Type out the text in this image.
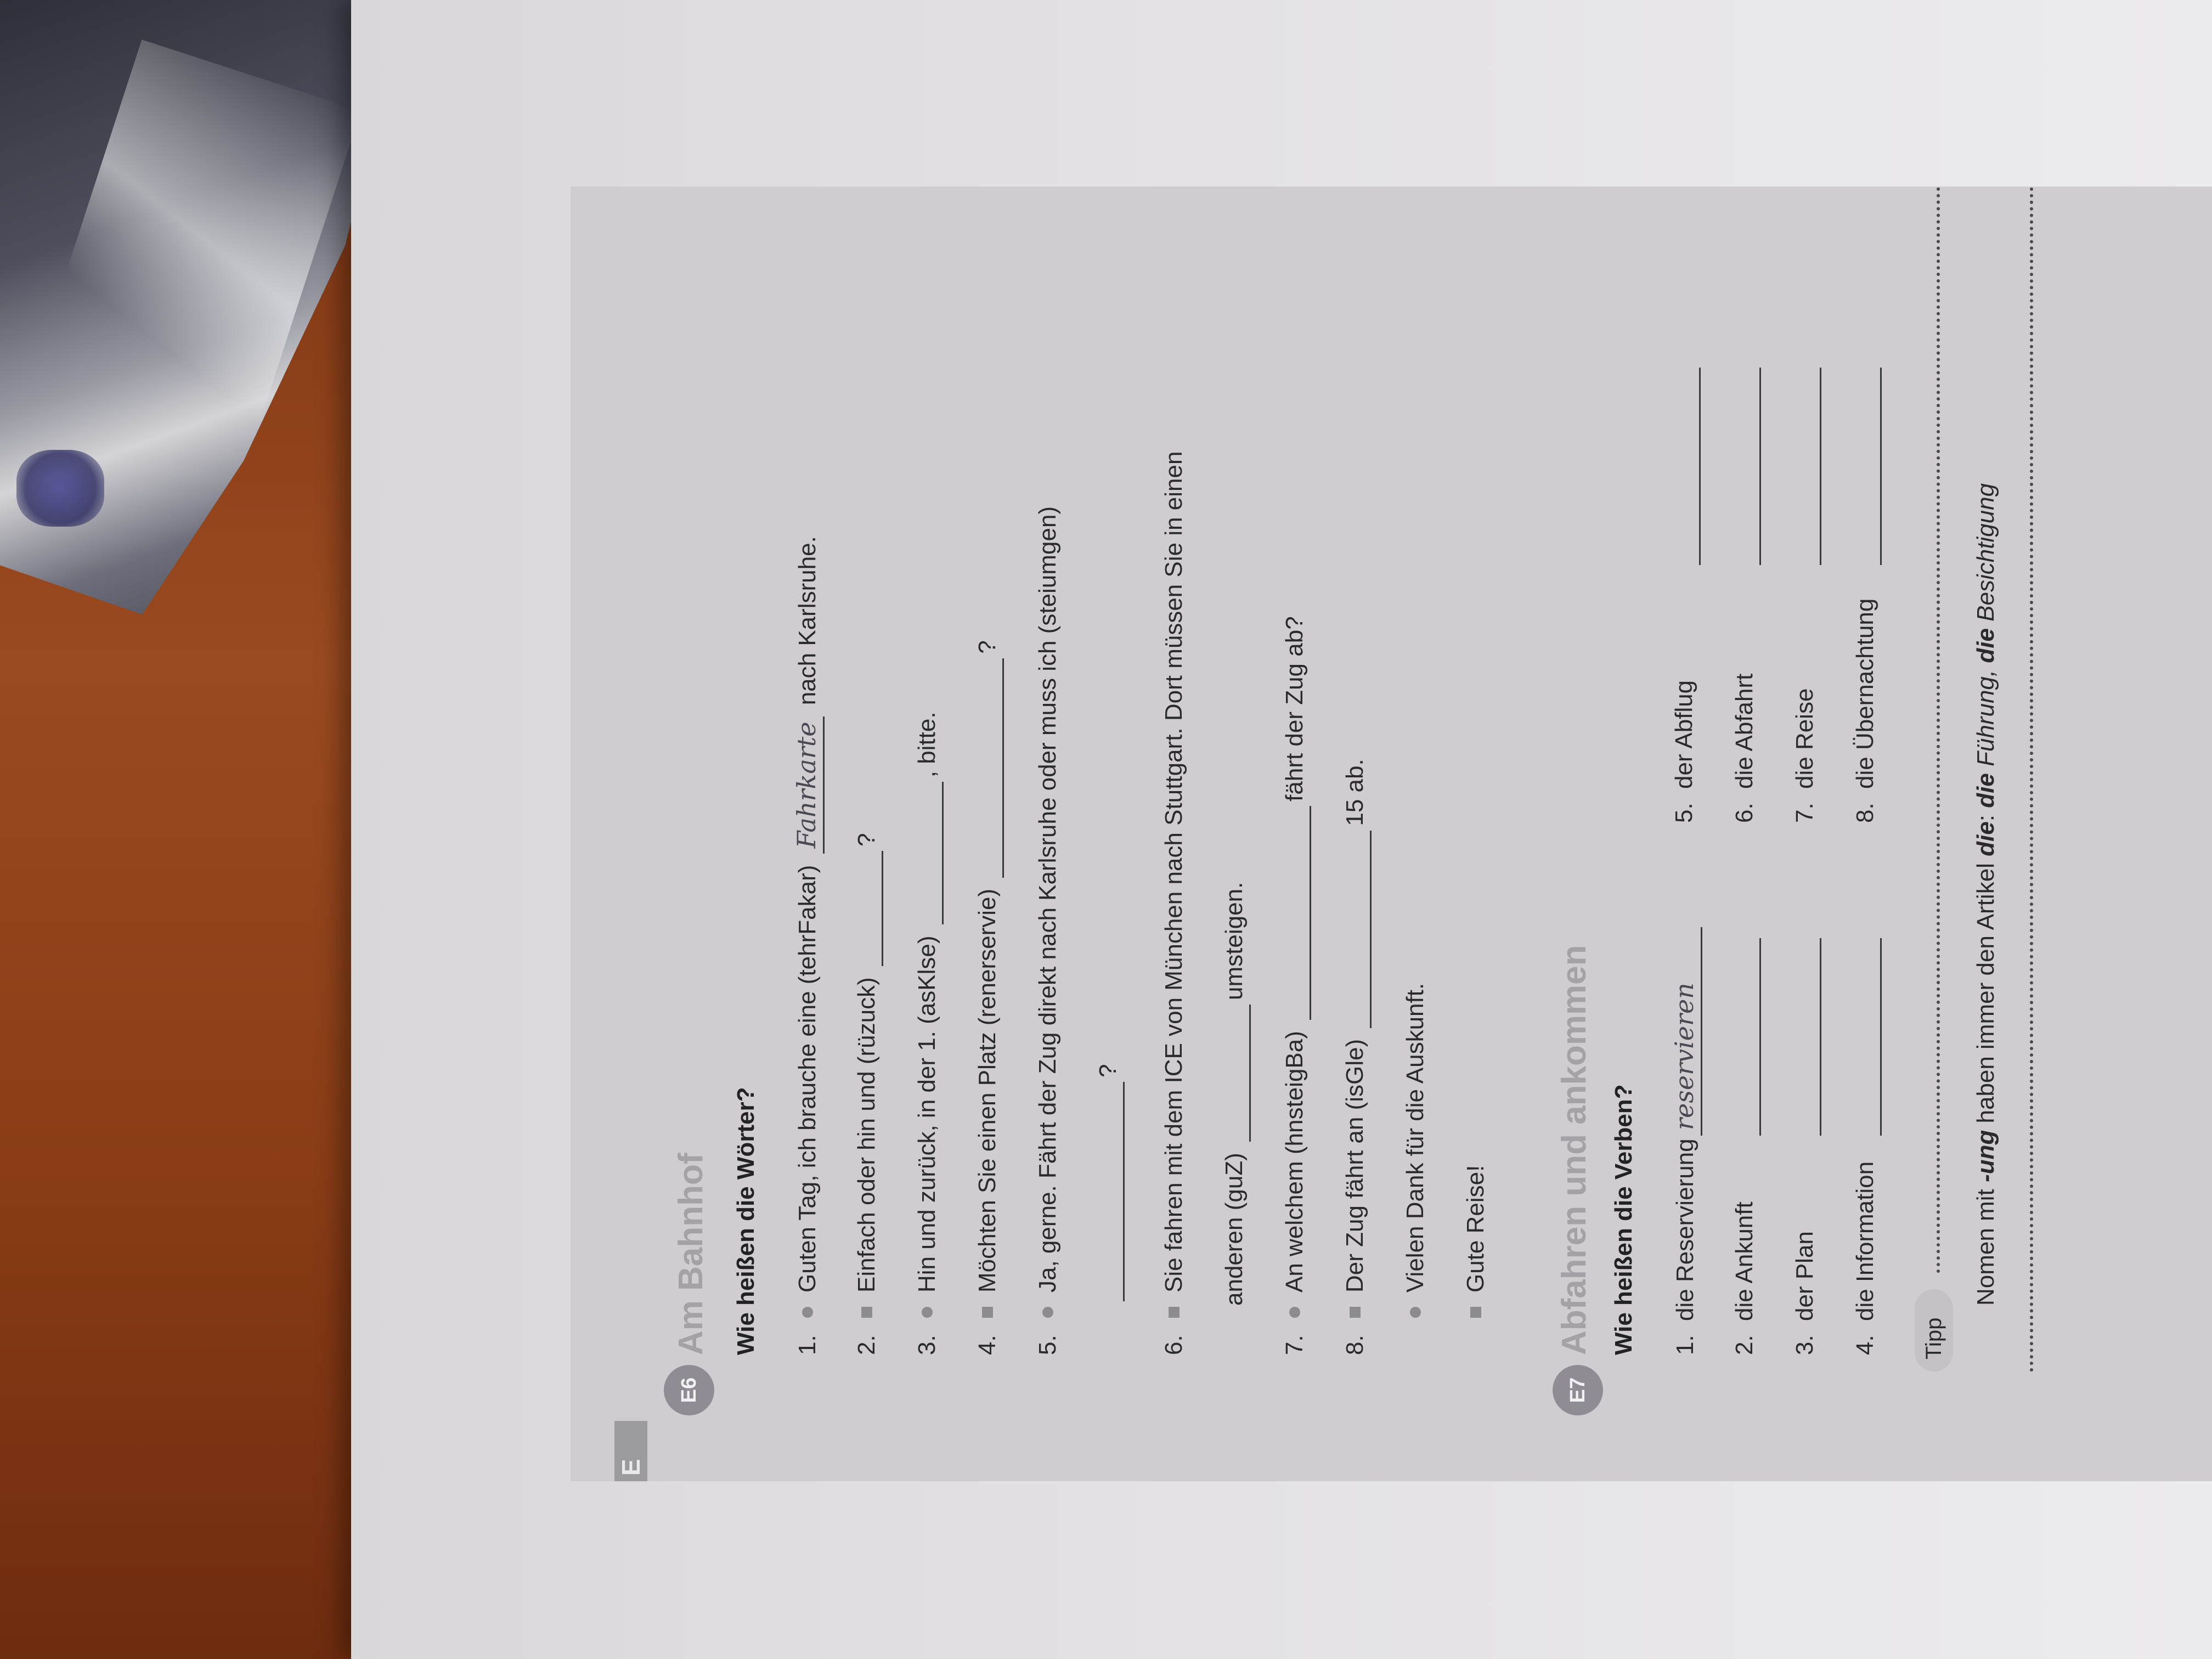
E
E6
Am Bahnhof Wie heißen die Wörter? 1.Guten Tag, ich brauche eine (tehrFakar) Fahrkarte nach Karlsruhe.
2.Einfach oder hin und (rüzuck) ?
3.Hin und zurück, in der 1. (asKlse) , bitte.
4.Möchten Sie einen Platz (renerservie) ?
5.Ja, gerne. Fährt der Zug direkt nach Karlsruhe oder muss ich (steiumgen) ?
6.Sie fahren mit dem ICE von München nach Stuttgart. Dort müssen Sie in einen anderen (guZ) umsteigen.
7.An welchem (hnsteigBa) fährt der Zug ab?
8.Der Zug fährt an (isGle) 15 ab.
Vielen Dank für die Auskunft. Gute Reise!
E7
Abfahren und ankommen Wie heißen die Verben? 1.die Reservierungreservieren
2.die Ankunft
3.der Plan
4.die Information
5.der Abflug
6.die Abfahrt
7.die Reise
8.die Übernachtung
Tipp
Nomen mit -ung haben immer den Artikel die: die Führung, die Besichtigung
